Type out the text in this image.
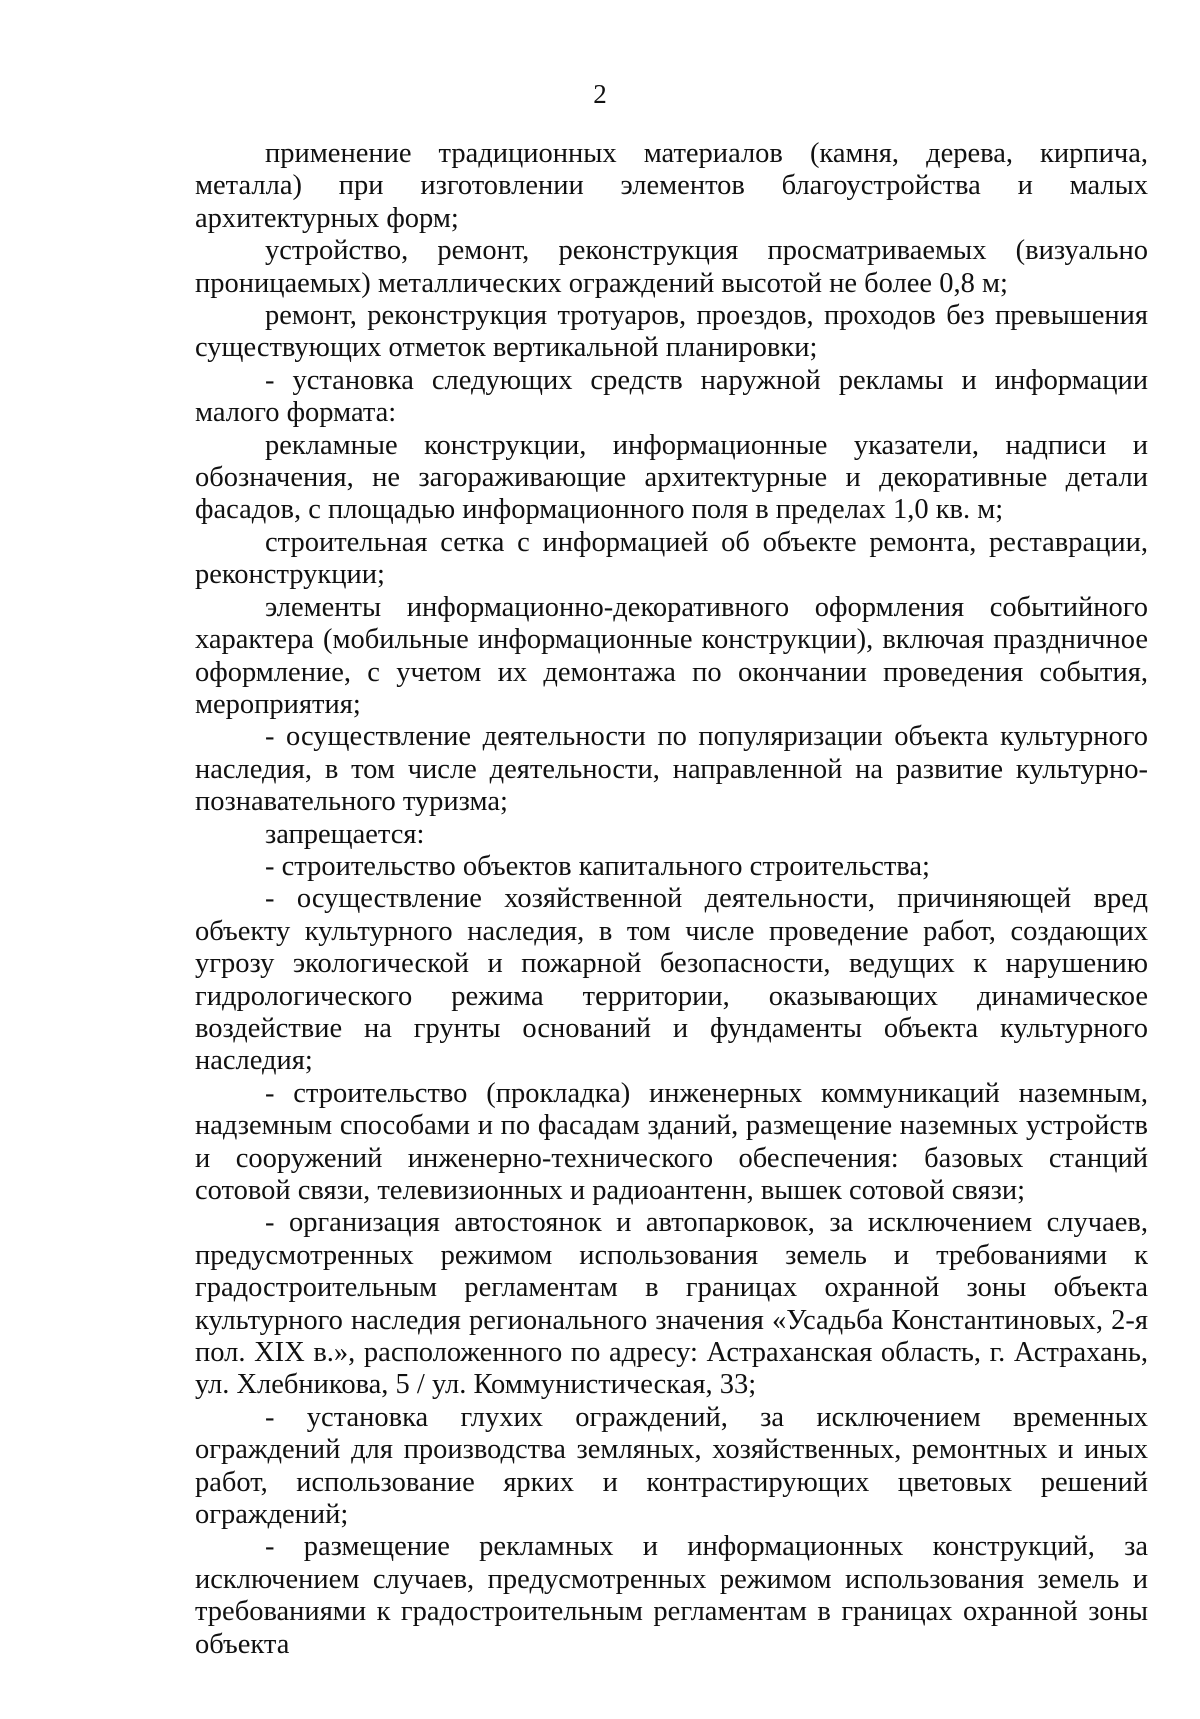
2

применение традиционных материалов (камня, дерева, кирпича, металла) при изготовлении элементов благоустройства и малых архитектурных форм;

устройство, ремонт, реконструкция просматриваемых (визуально проницаемых) металлических ограждений высотой не более 0,8 м;

ремонт, реконструкция тротуаров, проездов, проходов без превышения существующих отметок вертикальной планировки;

- установка следующих средств наружной рекламы и информации малого формата:

рекламные конструкции, информационные указатели, надписи и обозначения, не загораживающие архитектурные и декоративные детали фасадов, с площадью информационного поля в пределах 1,0 кв. м;

строительная сетка с информацией об объекте ремонта, реставрации, реконструкции;

элементы информационно-декоративного оформления событийного характера (мобильные информационные конструкции), включая праздничное оформление, с учетом их демонтажа по окончании проведения события, мероприятия;

- осуществление деятельности по популяризации объекта культурного наследия, в том числе деятельности, направленной на развитие культурно-познавательного туризма;

запрещается:

- строительство объектов капитального строительства;

- осуществление хозяйственной деятельности, причиняющей вред объекту культурного наследия, в том числе проведение работ, создающих угрозу экологической и пожарной безопасности, ведущих к нарушению гидрологического режима территории, оказывающих динамическое воздействие на грунты оснований и фундаменты объекта культурного наследия;

- строительство (прокладка) инженерных коммуникаций наземным, надземным способами и по фасадам зданий, размещение наземных устройств и сооружений инженерно-технического обеспечения: базовых станций сотовой связи, телевизионных и радиоантенн, вышек сотовой связи;

- организация автостоянок и автопарковок, за исключением случаев, предусмотренных режимом использования земель и требованиями к градостроительным регламентам в границах охранной зоны объекта культурного наследия регионального значения «Усадьба Константиновых, 2-я пол. XIX в.», расположенного по адресу: Астраханская область, г. Астрахань, ул. Хлебникова, 5 / ул. Коммунистическая, 33;

- установка глухих ограждений, за исключением временных ограждений для производства земляных, хозяйственных, ремонтных и иных работ, использование ярких и контрастирующих цветовых решений ограждений;

- размещение рекламных и информационных конструкций, за исключением случаев, предусмотренных режимом использования земель и требованиями к градостроительным регламентам в границах охранной зоны объекта
